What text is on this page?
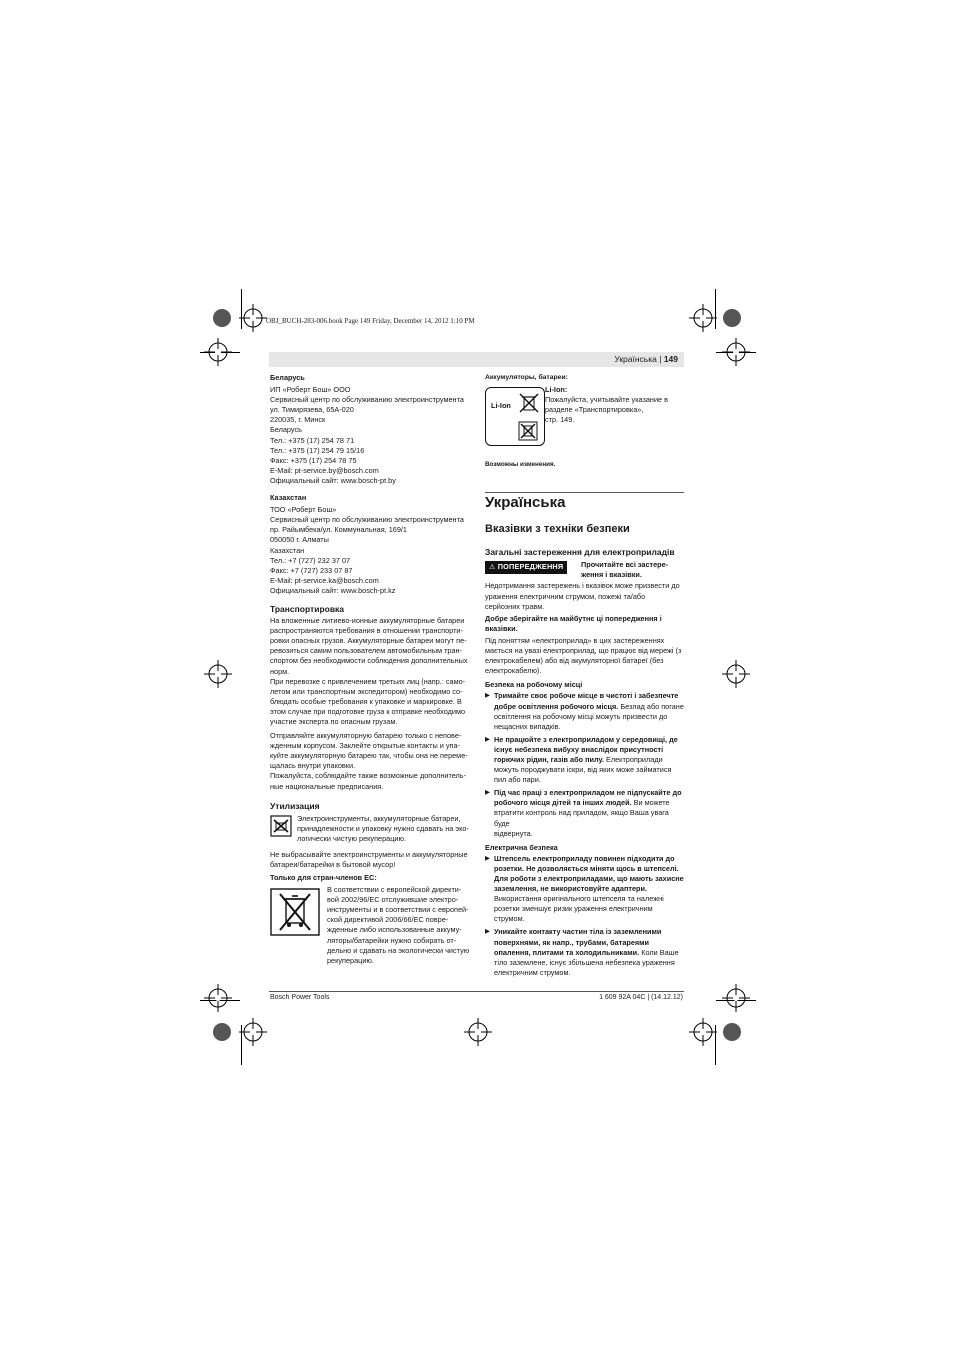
OBJ_BUCH-283-006.book Page 149 Friday, December 14, 2012 1:10 PM
Українська | 149

Беларусь

ИП «Роберт Бош» ООО

Сервисный центр по обслуживанию электроинструмента

ул. Тимирязева, 65А-020

220035, г. Минск

Беларусь

Тел.: +375 (17) 254 78 71

Тел.: +375 (17) 254 79 15/16

Факс: +375 (17) 254 78 75

E-Mail: pt-service.by@bosch.com

Официальный сайт: www.bosch-pt.by

Казахстан

ТОО «Роберт Бош»

Сервисный центр по обслуживанию электроинструмента

пр. Райымбека/ул. Коммунальная, 169/1

050050 г. Алматы

Казахстан

Тел.: +7 (727) 232 37 07

Факс: +7 (727) 233 07 87

E-Mail: pt-service.ka@bosch.com

Официальный сайт: www.bosch-pt.kz

Транспортировка

На вложенные литиево-ионные аккумуляторные батареи

распространяются требования в отношении транспорти-

ровки опасных грузов. Аккумуляторные батареи могут пе-

ревозиться самим пользователем автомобильным тран-

спортом без необходимости соблюдения дополнительных

норм.

При перевозке с привлечением третьих лиц (напр.: само-

летом или транспортным экспедитором) необходимо со-

блюдать особые требования к упаковке и маркировке. В

этом случае при подготовке груза к отправке необходимо

участие эксперта по опасным грузам.

Отправляйте аккумуляторную батарею только с непове-

жденным корпусом. Заклейте открытые контакты и упа-

куйте аккумуляторную батарею так, чтобы она не переме-

щалась внутри упаковки.

Пожалуйста, соблюдайте также возможные дополнитель-

ные национальные предписания.

Утилизация

Электроинструменты, аккумуляторные батареи,

принадлежности и упаковку нужно сдавать на эко-

логически чистую рекуперацию.

Не выбрасывайте электроинструменты и аккумуляторные

батареи/батарейки в бытовой мусор!

Только для стран-членов ЕС:

В соответствии с европейской директи-

вой 2002/96/ЕС отслужившие электро-

инструменты и в соответствии с европей-

ской директивой 2006/66/ЕС повре-

жденные либо использованные аккуму-

ляторы/батарейки нужно собирать от-

дельно и сдавать на экологически чистую

рекуперацию.

Аккумуляторы, батареи:

Li-Ion

Li-Ion:

Пожалуйста, учитывайте указание в

разделе «Транспортировка»,

стр. 149.

Возможны изменения.

Українська

Вказівки з техніки безпеки

Загальні застереження для електроприладів

⚠ ПОПЕРЕДЖЕННЯ	Прочитайте всі застере-

ження і вказівки.

Недотримання застережень і вказівок може призвести до

ураження електричним струмом, пожежі та/або

серйозних травм.

Добре зберігайте на майбутнє ці попередження і

вказівки.

Під поняттям «електроприлад» в цих застереженнях

мається на увазі електроприлад, що працює від мережі (з

електрокабелем) або від акумуляторної батареї (без

електрокабелю).

Безпека на робочому місці

▶ Тримайте своє робоче місце в чистоті і забезпечте

добре освітлення робочого місця. Безлад або погане

освітлення на робочому місці можуть призвести до

нещасних випадків.

▶ Не працюйте з електроприладом у середовищі, де

існує небезпека вибуху внаслідок присутності

горючих рідин, газів або пилу. Електроприлади

можуть породжувати іскри, від яких може займатися

пил або пари.

▶ Під час праці з електроприладом не підпускайте до

робочого місця дітей та інших людей. Ви можете

втратити контроль над приладом, якщо Ваша увага буде

відвернута.

Електрична безпека

▶ Штепсель електроприладу повинен підходити до

розетки. Не дозволяється міняти щось в штепселі.

Для роботи з електроприладами, що мають захисне

заземлення, не використовуйте адаптери.

Використання оригінального штепселя та належні

розетки зменшує ризик ураження електричним

струмом.

▶ Уникайте контакту частин тіла із заземленими

поверхнями, як напр., трубами, батареями

опалення, плитами та холодильниками. Коли Ваше

тіло заземлене, існує збільшена небезпека ураження

електричним струмом.

Bosch Power Tools	1 609 92A 04C | (14.12.12)
